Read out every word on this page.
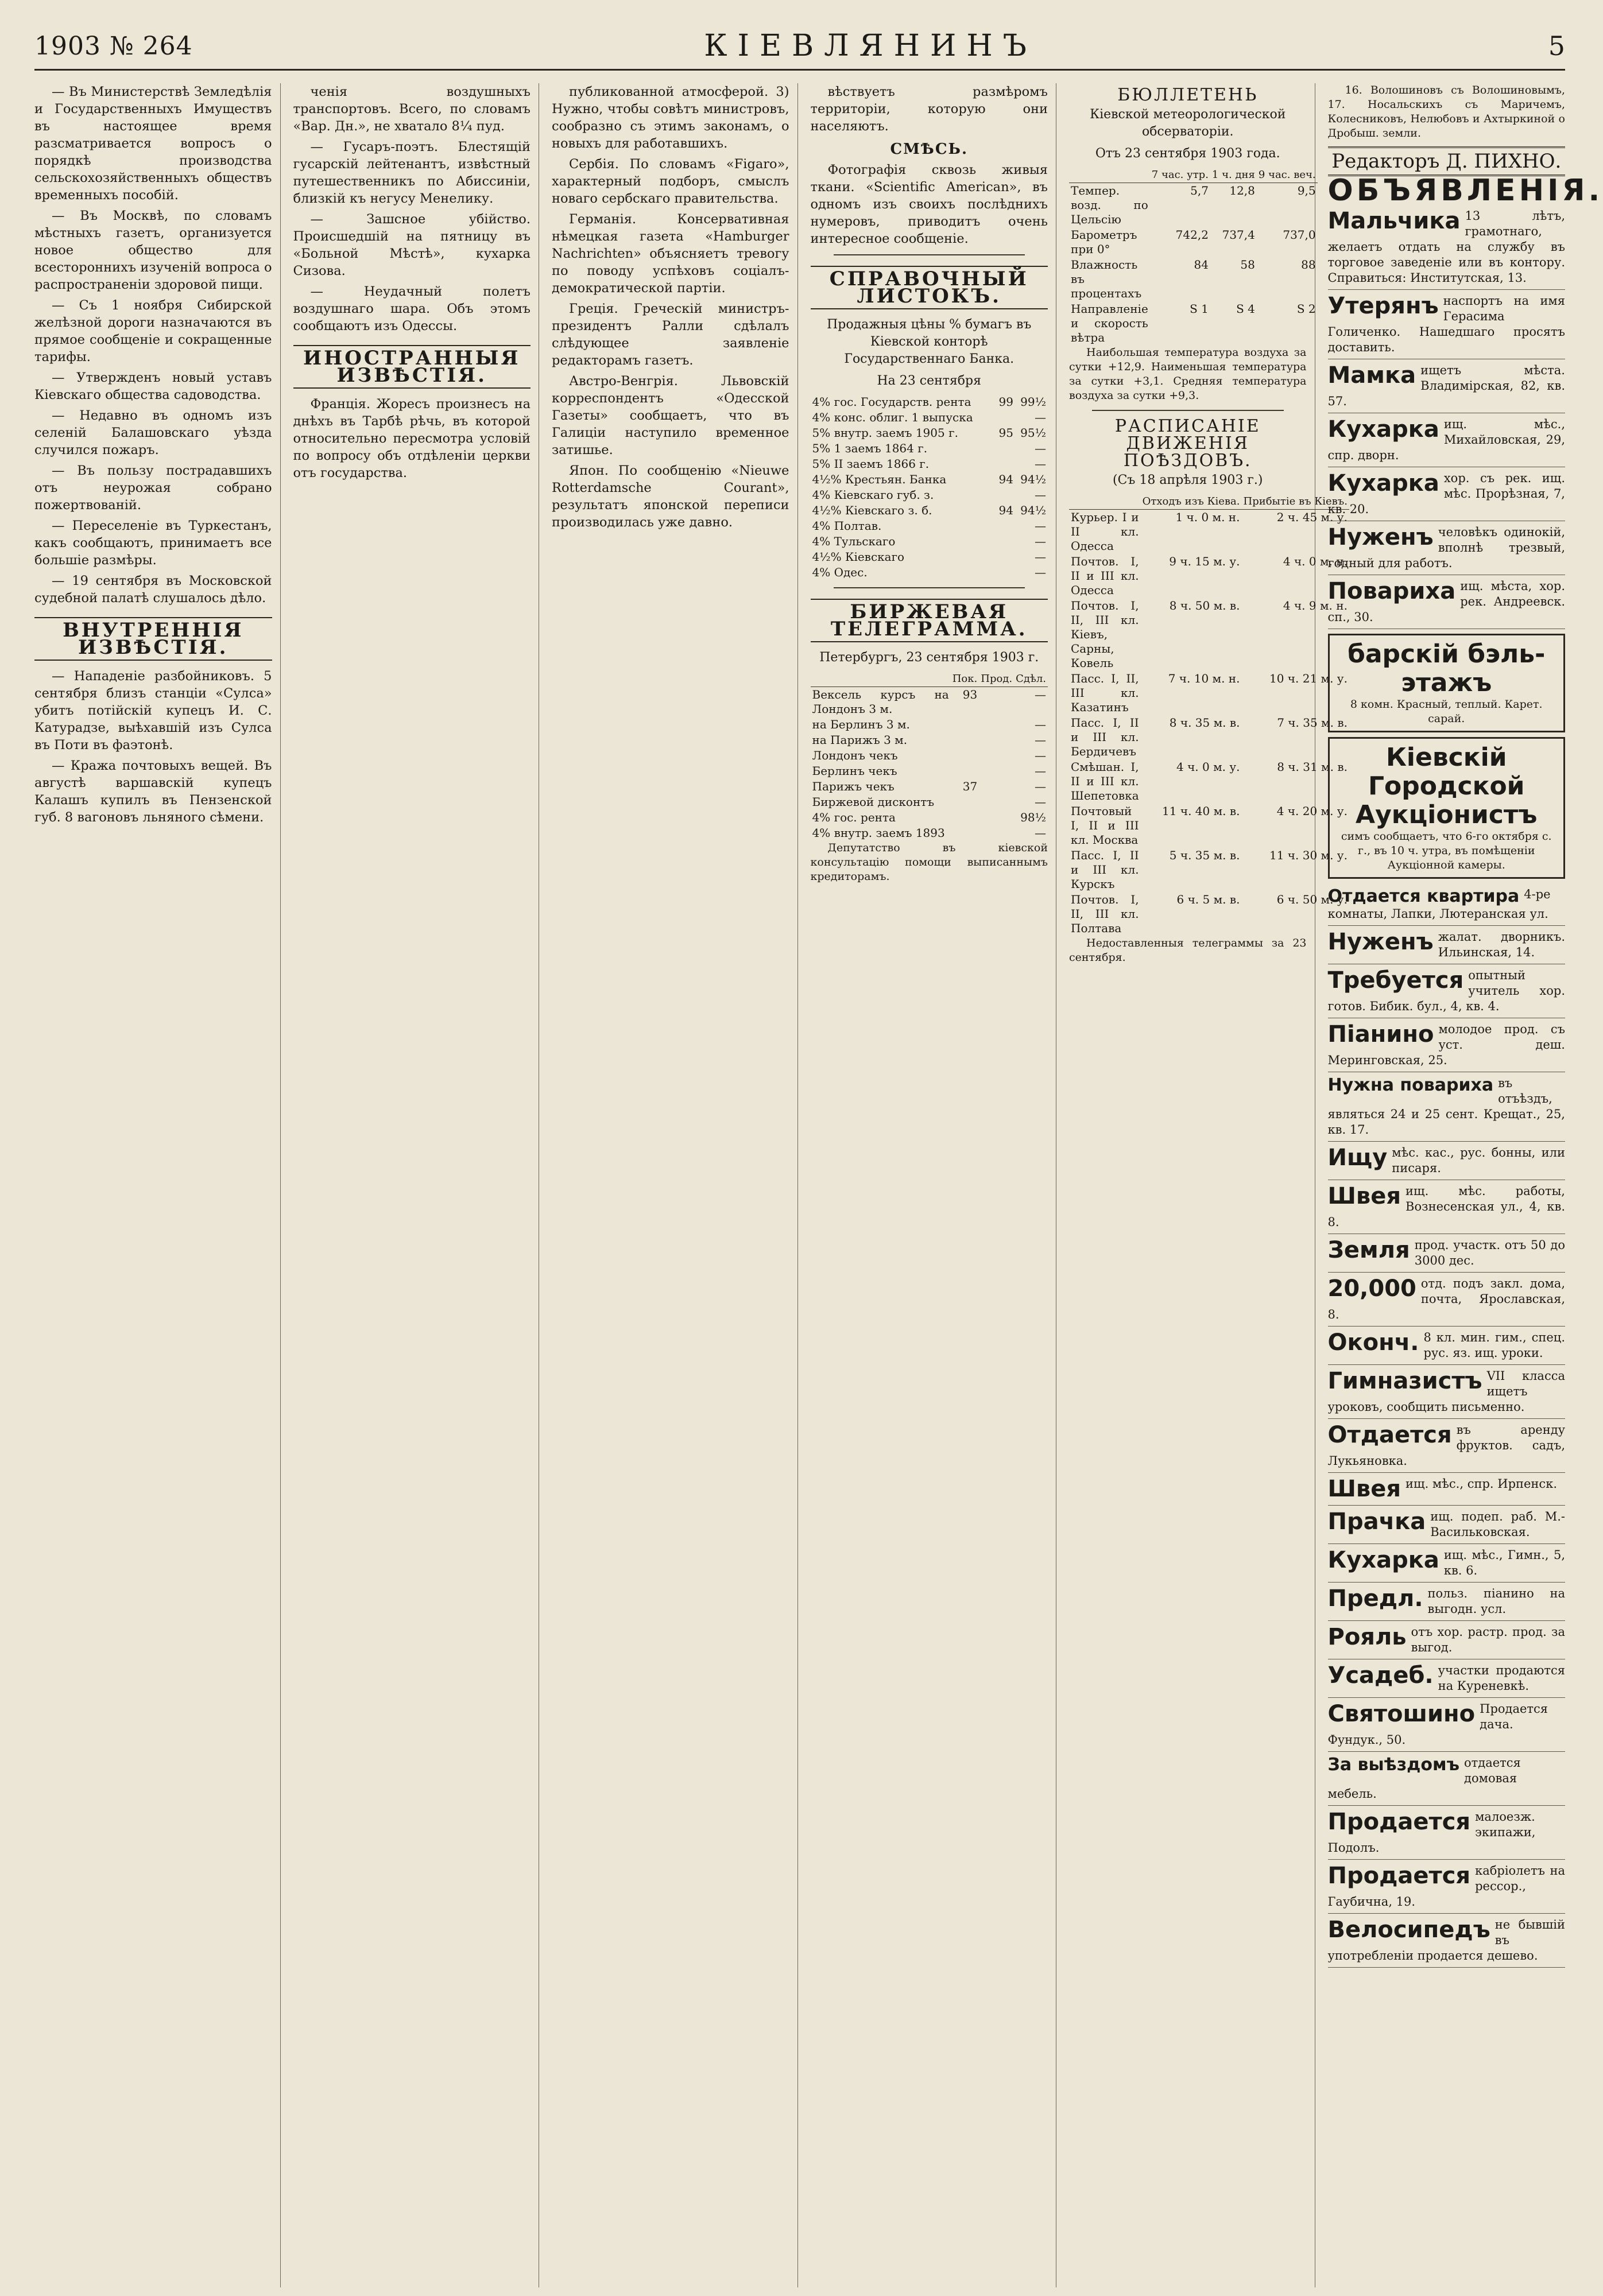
1903 № 264	КІЕВЛЯНИНЪ	5

— Въ Министерствѣ Земледѣлія и Государственныхъ Имуществъ въ настоящее время разсматривается вопросъ о порядкѣ производства сельскохозяйственныхъ обществъ временныхъ пособій.

— Въ Москвѣ, по словамъ мѣстныхъ газетъ, организуется новое общество для всестороннихъ изученій вопроса о распространеніи здоровой пищи.

— Съ 1 ноября Сибирской желѣзной дороги назначаются въ прямое сообщеніе и сокращенные тарифы.

— Утвержденъ новый уставъ Кіевскаго общества садоводства.

— Недавно въ одномъ изъ селеній Балашовскаго уѣзда случился пожаръ.

— Въ пользу пострадавшихъ отъ неурожая собрано пожертвованій.

— Переселеніе въ Туркестанъ, какъ сообщаютъ, принимаетъ все большіе размѣры.

— 19 сентября въ Московской судебной палатѣ слушалось дѣло.

ВНУТРЕННІЯ ИЗВѢСТІЯ.

— Нападеніе разбойниковъ. 5 сентября близъ станціи «Сулса» убитъ потійскій купецъ И. С. Катурадзе, выѣхавшій изъ Сулса въ Поти въ фаэтонѣ.

— Кража почтовыхъ вещей. Въ августѣ варшавскій купецъ Калашъ купилъ въ Пензенской губ. 8 вагоновъ льняного сѣмени.

ченія воздушныхъ транспортовъ. Всего, по словамъ «Вар. Дн.», не хватало 8¼ пуд.

— Гусаръ-поэтъ. Блестящій гусарскій лейтенантъ, извѣстный путешественникъ по Абиссиніи, близкій къ негусу Менелику.

— Зашсное убійство. Происшедшій на пятницу въ «Больной Мѣстѣ», кухарка Сизова.

— Неудачный полетъ воздушнаго шара. Объ этомъ сообщаютъ изъ Одессы.

ИНОСТРАННЫЯ ИЗВѢСТІЯ.

Франція. Жоресъ произнесъ на днѣхъ въ Тарбѣ рѣчь, въ которой относительно пересмотра условій по вопросу объ отдѣленіи церкви отъ государства.

публикованной атмосферой. 3) Нужно, чтобы совѣтъ министровъ, сообразно съ этимъ законамъ, о новыхъ для работавшихъ.

Сербія. По словамъ «Figaro», характерный подборъ, смыслъ новаго сербскаго правительства.

Германія. Консервативная нѣмецкая газета «Hamburger Nachrichten» объясняетъ тревогу по поводу успѣховъ соціалъ-демократической партіи.

Греція. Греческій министръ-президентъ Ралли сдѣлалъ слѣдующее заявленіе редакторамъ газетъ.

Австро-Венгрія. Львовскій корреспондентъ «Одесской Газеты» сообщаетъ, что въ Галиціи наступило временное затишье.

Япон. По сообщенію «Nieuwe Rotterdamsche Courant», результатъ японской переписи производилась уже давно.

вѣствуетъ размѣромъ территоріи, которую они населяютъ.

СМѢСЬ.

Фотографія сквозь живыя ткани. «Scientific American», въ одномъ изъ своихъ послѣднихъ нумеровъ, приводитъ очень интересное сообщеніе.

СПРАВОЧНЫЙ ЛИСТОКЪ.
Продажныя цѣны % бумагъ въ Кіевской конторѣ Государственнаго Банка.
На 23 сентября
4% гос. Государств. рента	99	99½
4% конс. облиг. 1 выпуска		—
5% внутр. заемъ 1905 г.	95	95½
5% 1 заемъ 1864 г.		—
5% II заемъ 1866 г.		—
4½% Крестьян. Банка	94	94½
4% Кіевскаго губ. з.		—
4½% Кіевскаго з. б.	94	94½
4% Полтав.		—
4% Тульскаго		—
4½% Кіевскаго		—
4% Одес.		—
БИРЖЕВАЯ ТЕЛЕГРАММА.
Петербургъ, 23 сентября 1903 г.
	Пок.	Прод.	Сдѣл.
Вексель курсъ на Лондонъ 3 м.	93		—
на Берлинъ 3 м.			—
на Парижъ 3 м.			—
Лондонъ чекъ			—
Берлинъ чекъ			—
Парижъ чекъ	37		—
Биржевой дисконтъ			—
4% гос. рента			98½
4% внутр. заемъ 1893			—

Депутатство въ кіевской консультацію помощи выписаннымъ кредиторамъ.

БЮЛЛЕТЕНЬ
Кіевской метеорологической обсерваторіи.
Отъ 23 сентября 1903 года.
	7 час. утр.	1 ч. дня	9 час. веч.
Темпер. возд. по Цельсію	5,7	12,8	9,5
Барометръ при 0°	742,2	737,4	737,0
Влажность въ процентахъ	84	58	88
Направленіе и скорость вѣтра	S 1	S 4	S 2

Наибольшая температура воздуха за сутки +12,9. Наименьшая температура за сутки +3,1. Средняя температура воздуха за сутки +9,3.

РАСПИСАНІЕ ДВИЖЕНІЯ ПОѢЗДОВЪ.
(Съ 18 апрѣля 1903 г.)
	Отходъ изъ Кіева.	Прибытіе въ Кіевъ.
Курьер. I и II кл. Одесса	1 ч. 0 м. н.	2 ч. 45 м. у.
Почтов. I, II и III кл. Одесса	9 ч. 15 м. у.	4 ч. 0 м. н.
Почтов. I, II, III кл. Кіевъ, Сарны, Ковель	8 ч. 50 м. в.	4 ч. 9 м. н.
Пасс. I, II, III кл. Казатинъ	7 ч. 10 м. н.	10 ч. 21 м. у.
Пасс. I, II и III кл. Бердичевъ	8 ч. 35 м. в.	7 ч. 35 м. в.
Смѣшан. I, II и III кл. Шепетовка	4 ч. 0 м. у.	8 ч. 31 м. в.
Почтовый I, II и III кл. Москва	11 ч. 40 м. в.	4 ч. 20 м. у.
Пасс. I, II и III кл. Курскъ	5 ч. 35 м. в.	11 ч. 30 м. у.
Почтов. I, II, III кл. Полтава	6 ч. 5 м. в.	6 ч. 50 м. у.

Недоставленныя телеграммы за 23 сентября.

16. Волошиновъ съ Волошиновымъ, 17. Носальскихъ съ Маричемъ, Колесниковъ, Нелюбовъ и Ахтыркиной о Дробыш. земли.

Редакторъ Д. ПИХНО.
ОБЪЯВЛЕНІЯ.
Мальчика 13 лѣтъ, грамотнаго, желаетъ отдать на службу въ торговое заведеніе или въ контору. Справиться: Институтская, 13.
Утерянъ наспортъ на имя Герасима Голиченко. Нашедшаго просятъ доставить.
Мамка ищетъ мѣста. Владимірская, 82, кв. 57.
Кухарка ищ. мѣс., Михайловская, 29, спр. дворн.
Кухарка хор. съ рек. ищ. мѣс. Прорѣзная, 7, кв. 20.
Нуженъ человѣкъ одинокій, вполнѣ трезвый, годный для работъ.
Повариха ищ. мѣста, хор. рек. Андреевск. сп., 30.
барскій бэль-этажъ
8 комн. Красный, теплый. Карет. сарай.
Кіевскій Городской Аукціонистъ
симъ сообщаетъ, что 6-го октября с. г., въ 10 ч. утра, въ помѣщеніи Аукціонной камеры.
Отдается квартира 4-ре комнаты, Лапки, Лютеранская ул.
Нуженъ жалат. дворникъ. Ильинская, 14.
Требуется опытный учитель хор. готов. Бибик. бул., 4, кв. 4.
Піанино молодое прод. съ уст. деш. Меринговская, 25.
Нужна повариха въ отъѣздъ, являться 24 и 25 сент. Крещат., 25, кв. 17.
Ищу мѣс. кас., рус. бонны, или писаря.
Швея ищ. мѣс. работы, Вознесенская ул., 4, кв. 8.
Земля прод. участк. отъ 50 до 3000 дес.
20,000 отд. подъ закл. дома, почта, Ярославская, 8.
Оконч. 8 кл. мин. гим., спец. рус. яз. ищ. уроки.
Гимназистъ VII класса ищетъ уроковъ, сообщить письменно.
Отдается въ аренду фруктов. садъ, Лукьяновка.
Швея ищ. мѣс., спр. Ирпенск.
Прачка ищ. подеп. раб. М.-Васильковская.
Кухарка ищ. мѣс., Гимн., 5, кв. 6.
Предл. польз. піанино на выгодн. усл.
Рояль отъ хор. растр. прод. за выгод.
Усадеб. участки продаются на Куреневкѣ.
Святошино Продается дача. Фундук., 50.
За выѣздомъ отдается домовая мебель.
Продается малоезж. экипажи, Подолъ.
Продается кабріолетъ на рессор., Гаубична, 19.
Велосипедъ не бывшій въ употребленіи продается дешево.
